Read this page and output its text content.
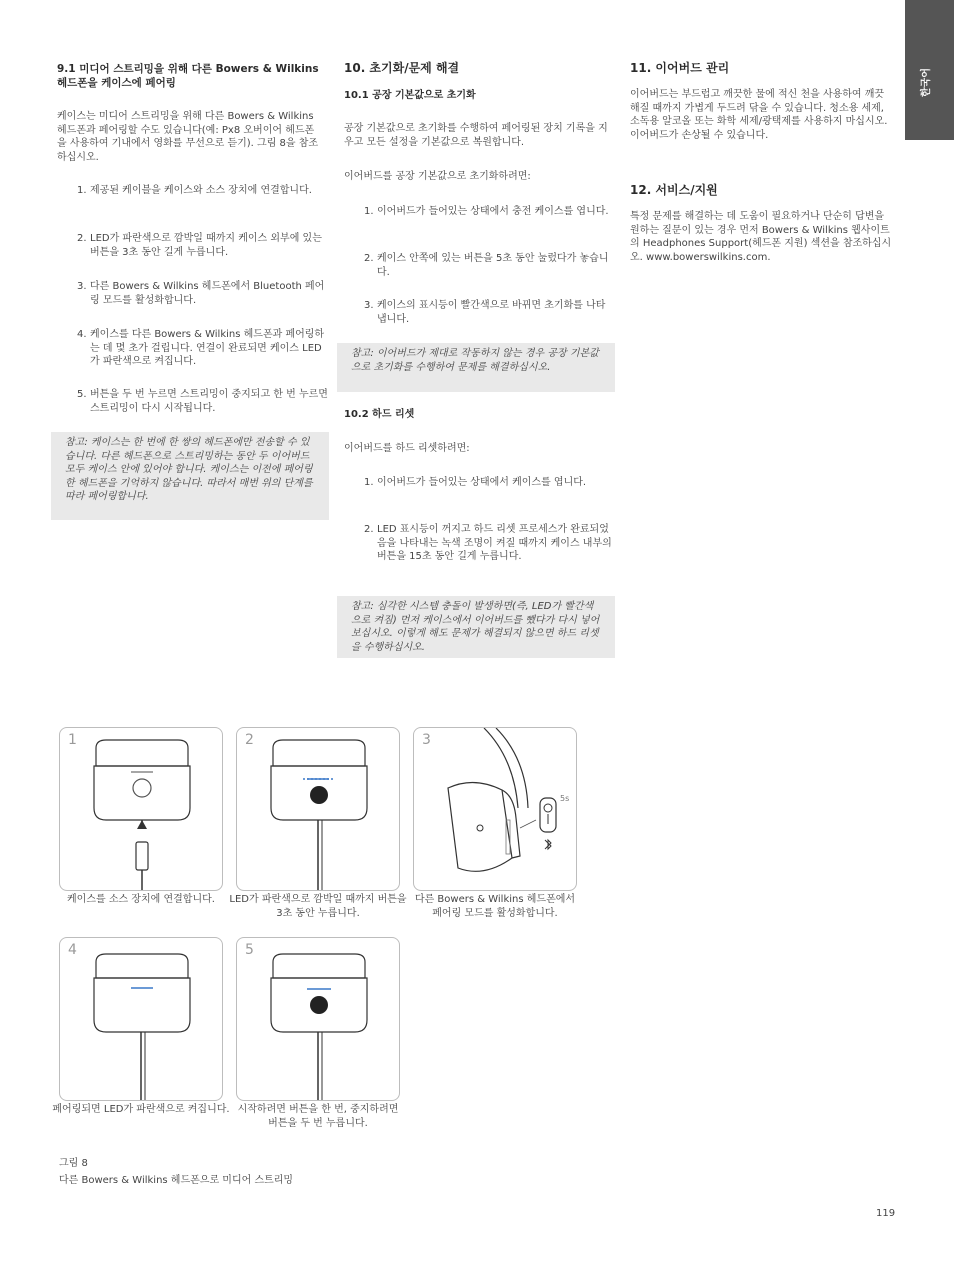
한국어

9.1 미디어 스트리밍을 위해 다른 Bowers & Wilkins 헤드폰을 케이스에 페어링

케이스는 미디어 스트리밍을 위해 다른 Bowers & Wilkins 헤드폰과 페어링할 수도 있습니다(예: Px8 오버이어 헤드폰을 사용하여 기내에서 영화를 무선으로 듣기). 그림 8을 참조하십시오.

1. 제공된 케이블을 케이스와 소스 장치에 연결합니다.
2. LED가 파란색으로 깜박일 때까지 케이스 외부에 있는 버튼을 3초 동안 길게 누릅니다.
3. 다른 Bowers & Wilkins 헤드폰에서 Bluetooth 페어링 모드를 활성화합니다.
4. 케이스를 다른 Bowers & Wilkins 헤드폰과 페어링하는 데 몇 초가 걸립니다. 연결이 완료되면 케이스 LED가 파란색으로 켜집니다.
5. 버튼을 두 번 누르면 스트리밍이 중지되고 한 번 누르면 스트리밍이 다시 시작됩니다.
참고: 케이스는 한 번에 한 쌍의 헤드폰에만 전송할 수 있습니다. 다른 헤드폰으로 스트리밍하는 동안 두 이어버드 모두 케이스 안에 있어야 합니다. 케이스는 이전에 페어링한 헤드폰을 기억하지 않습니다. 따라서 매번 위의 단계를 따라 페어링합니다.

10. 초기화/문제 해결

10.1 공장 기본값으로 초기화

공장 기본값으로 초기화를 수행하여 페어링된 장치 기록을 지우고 모든 설정을 기본값으로 복원합니다.

이어버드를 공장 기본값으로 초기화하려면:

1. 이어버드가 들어있는 상태에서 충전 케이스를 엽니다.
2. 케이스 안쪽에 있는 버튼을 5초 동안 눌렀다가 놓습니다.
3. 케이스의 표시등이 빨간색으로 바뀌면 초기화를 나타냅니다.
참고: 이어버드가 제대로 작동하지 않는 경우 공장 기본값으로 초기화를 수행하여 문제를 해결하십시오.

10.2 하드 리셋

이어버드를 하드 리셋하려면:

1. 이어버드가 들어있는 상태에서 케이스를 엽니다.
2. LED 표시등이 꺼지고 하드 리셋 프로세스가 완료되었음을 나타내는 녹색 조명이 켜질 때까지 케이스 내부의 버튼을 15초 동안 길게 누릅니다.
참고: 심각한 시스템 충돌이 발생하면(즉, LED가 빨간색으로 켜짐) 먼저 케이스에서 이어버드를 뺐다가 다시 넣어 보십시오. 이렇게 해도 문제가 해결되지 않으면 하드 리셋을 수행하십시오.

11. 이어버드 관리

이어버드는 부드럽고 깨끗한 물에 적신 천을 사용하여 깨끗해질 때까지 가볍게 두드려 닦을 수 있습니다. 청소용 세제, 소독용 알코올 또는 화학 세제/광택제를 사용하지 마십시오. 이어버드가 손상될 수 있습니다.

12. 서비스/지원

특정 문제를 해결하는 데 도움이 필요하거나 단순히 답변을 원하는 질문이 있는 경우 먼저 Bowers & Wilkins 웹사이트의 Headphones Support(헤드폰 지원) 섹션을 참조하십시오. www.bowerswilkins.com.

1
케이스를 소스 장치에 연결합니다.
2
LED가 파란색으로 깜박일 때까지 버튼을 3초 동안 누릅니다.
3
5s
다른 Bowers & Wilkins 헤드폰에서 페어링 모드를 활성화합니다.
4
페어링되면 LED가 파란색으로 켜집니다.
5
시작하려면 버튼을 한 번, 중지하려면 버튼을 두 번 누릅니다.
그림 8
다른 Bowers & Wilkins 헤드폰으로 미디어 스트리밍
119
